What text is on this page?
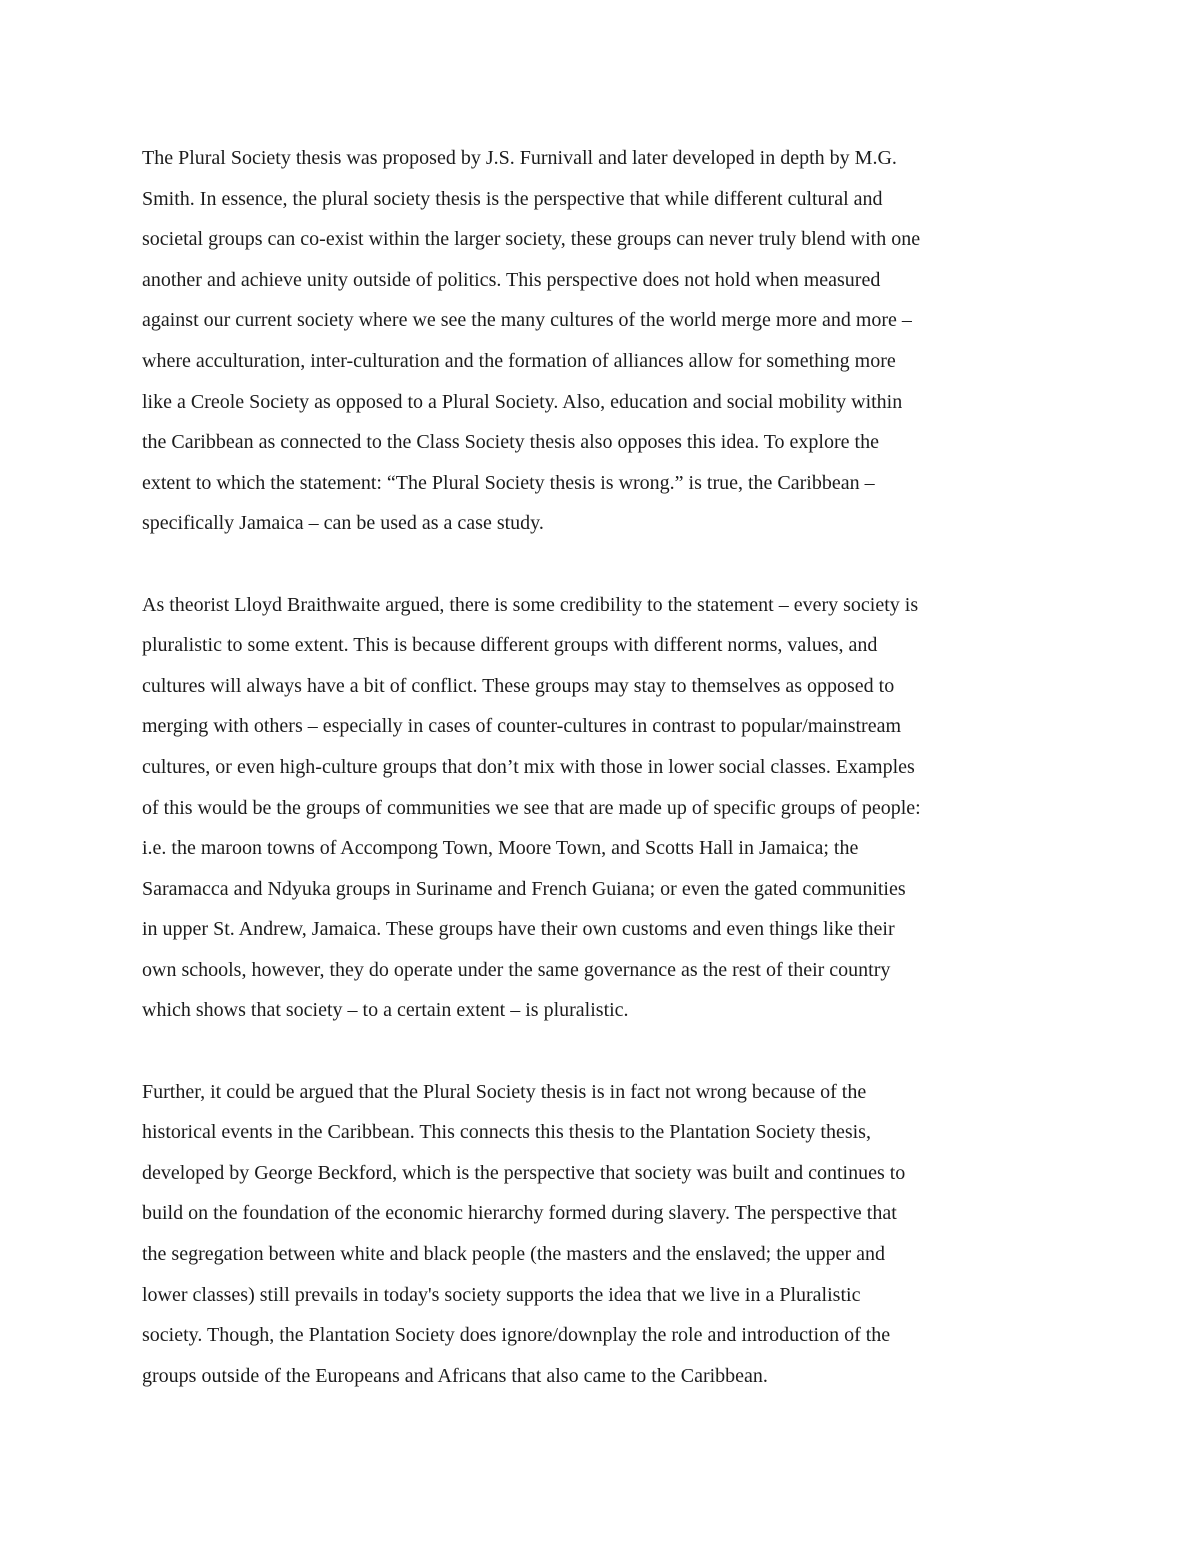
The Plural Society thesis was proposed by J.S. Furnivall and later developed in depth by M.G.
Smith. In essence, the plural society thesis is the perspective that while different cultural and
societal groups can co-exist within the larger society, these groups can never truly blend with one
another and achieve unity outside of politics. This perspective does not hold when measured
against our current society where we see the many cultures of the world merge more and more –
where acculturation, inter-culturation and the formation of alliances allow for something more
like a Creole Society as opposed to a Plural Society. Also, education and social mobility within
the Caribbean as connected to the Class Society thesis also opposes this idea. To explore the
extent to which the statement: “The Plural Society thesis is wrong.” is true, the Caribbean –
specifically Jamaica – can be used as a case study.
As theorist Lloyd Braithwaite argued, there is some credibility to the statement – every society is
pluralistic to some extent. This is because different groups with different norms, values, and
cultures will always have a bit of conflict. These groups may stay to themselves as opposed to
merging with others – especially in cases of counter-cultures in contrast to popular/mainstream
cultures, or even high-culture groups that don’t mix with those in lower social classes. Examples
of this would be the groups of communities we see that are made up of specific groups of people:
i.e. the maroon towns of Accompong Town, Moore Town, and Scotts Hall in Jamaica; the
Saramacca and Ndyuka groups in Suriname and French Guiana; or even the gated communities
in upper St. Andrew, Jamaica. These groups have their own customs and even things like their
own schools, however, they do operate under the same governance as the rest of their country
which shows that society – to a certain extent – is pluralistic.
Further, it could be argued that the Plural Society thesis is in fact not wrong because of the
historical events in the Caribbean. This connects this thesis to the Plantation Society thesis,
developed by George Beckford, which is the perspective that society was built and continues to
build on the foundation of the economic hierarchy formed during slavery. The perspective that
the segregation between white and black people (the masters and the enslaved; the upper and
lower classes) still prevails in today's society supports the idea that we live in a Pluralistic
society. Though, the Plantation Society does ignore/downplay the role and introduction of the
groups outside of the Europeans and Africans that also came to the Caribbean.
